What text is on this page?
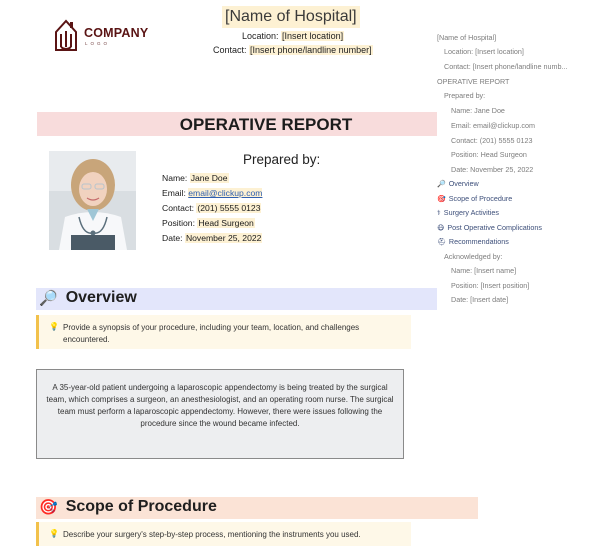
COMPANY
LOGO
[Name of Hospital]
Location: [Insert location]
Contact: [Insert phone/landline number]
OPERATIVE REPORT
Prepared by:
Name: Jane Doe
Email: email@clickup.com
Contact: (201) 5555 0123
Position: Head Surgeon
Date: November 25, 2022
🔎 Overview
💡 Provide a synopsis of your procedure, including your team, location, and challenges encountered.
A 35-year-old patient undergoing a laparoscopic appendectomy is being treated by the surgical team, which comprises a surgeon, an anesthesiologist, and an operating room nurse. The surgical team must perform a laparoscopic appendectomy. However, there were issues following the procedure since the wound became infected.
🎯 Scope of Procedure
💡 Describe your surgery's step-by-step process, mentioning the instruments you used.
[Name of Hospital]
Location: [Insert location]
Contact: [Insert phone/landline numb...
OPERATIVE REPORT
Prepared by:
Name: Jane Doe
Email: email@clickup.com
Contact: (201) 5555 0123
Position: Head Surgeon
Date: November 25, 2022
🔎 Overview
🎯 Scope of Procedure
⚕ Surgery Activities
😷 Post Operative Complications
⛑ Recommendations
Acknowledged by:
Name: [Insert name]
Position: [Insert position]
Date: [Insert date]
